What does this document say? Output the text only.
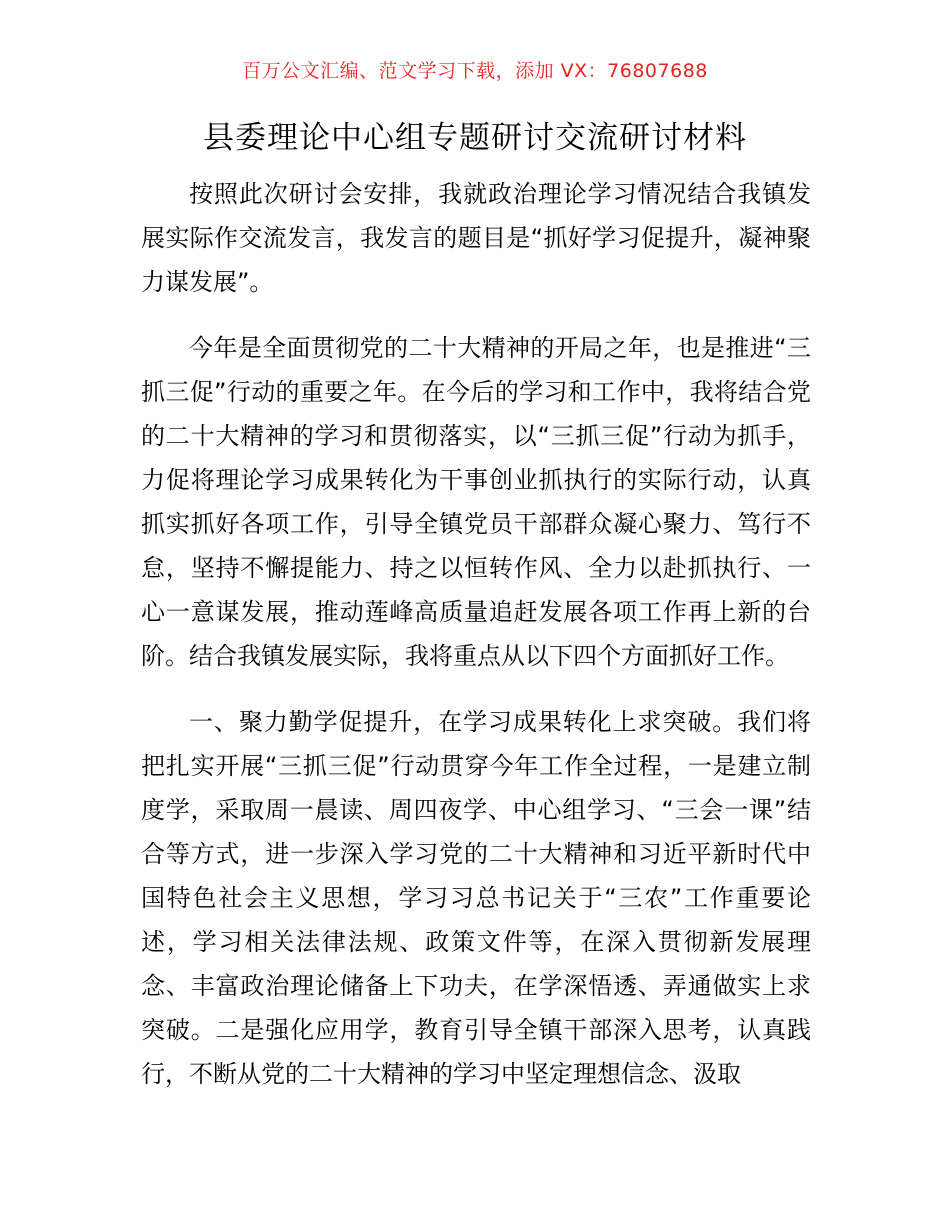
百万公文汇编、范文学习下载，添加 VX：76807688
县委理论中心组专题研讨交流研讨材料

按照此次研讨会安排，我就政治理论学习情况结合我镇发展实际作交流发言，我发言的题目是“抓好学习促提升，凝神聚力谋发展”。

今年是全面贯彻党的二十大精神的开局之年，也是推进“三抓三促”行动的重要之年。在今后的学习和工作中，我将结合党的二十大精神的学习和贯彻落实，以“三抓三促”行动为抓手，力促将理论学习成果转化为干事创业抓执行的实际行动，认真抓实抓好各项工作，引导全镇党员干部群众凝心聚力、笃行不怠，坚持不懈提能力、持之以恒转作风、全力以赴抓执行、一心一意谋发展，推动莲峰高质量追赶发展各项工作再上新的台阶。结合我镇发展实际，我将重点从以下四个方面抓好工作。

一、聚力勤学促提升，在学习成果转化上求突破。我们将把扎实开展“三抓三促”行动贯穿今年工作全过程，一是建立制度学，采取周一晨读、周四夜学、中心组学习、“三会一课”结合等方式，进一步深入学习党的二十大精神和习近平新时代中国特色社会主义思想，学习习总书记关于“三农”工作重要论述，学习相关法律法规、政策文件等，在深入贯彻新发展理念、丰富政治理论储备上下功夫，在学深悟透、弄通做实上求突破。二是强化应用学，教育引导全镇干部深入思考，认真践行，不断从党的二十大精神的学习中坚定理想信念、汲取
